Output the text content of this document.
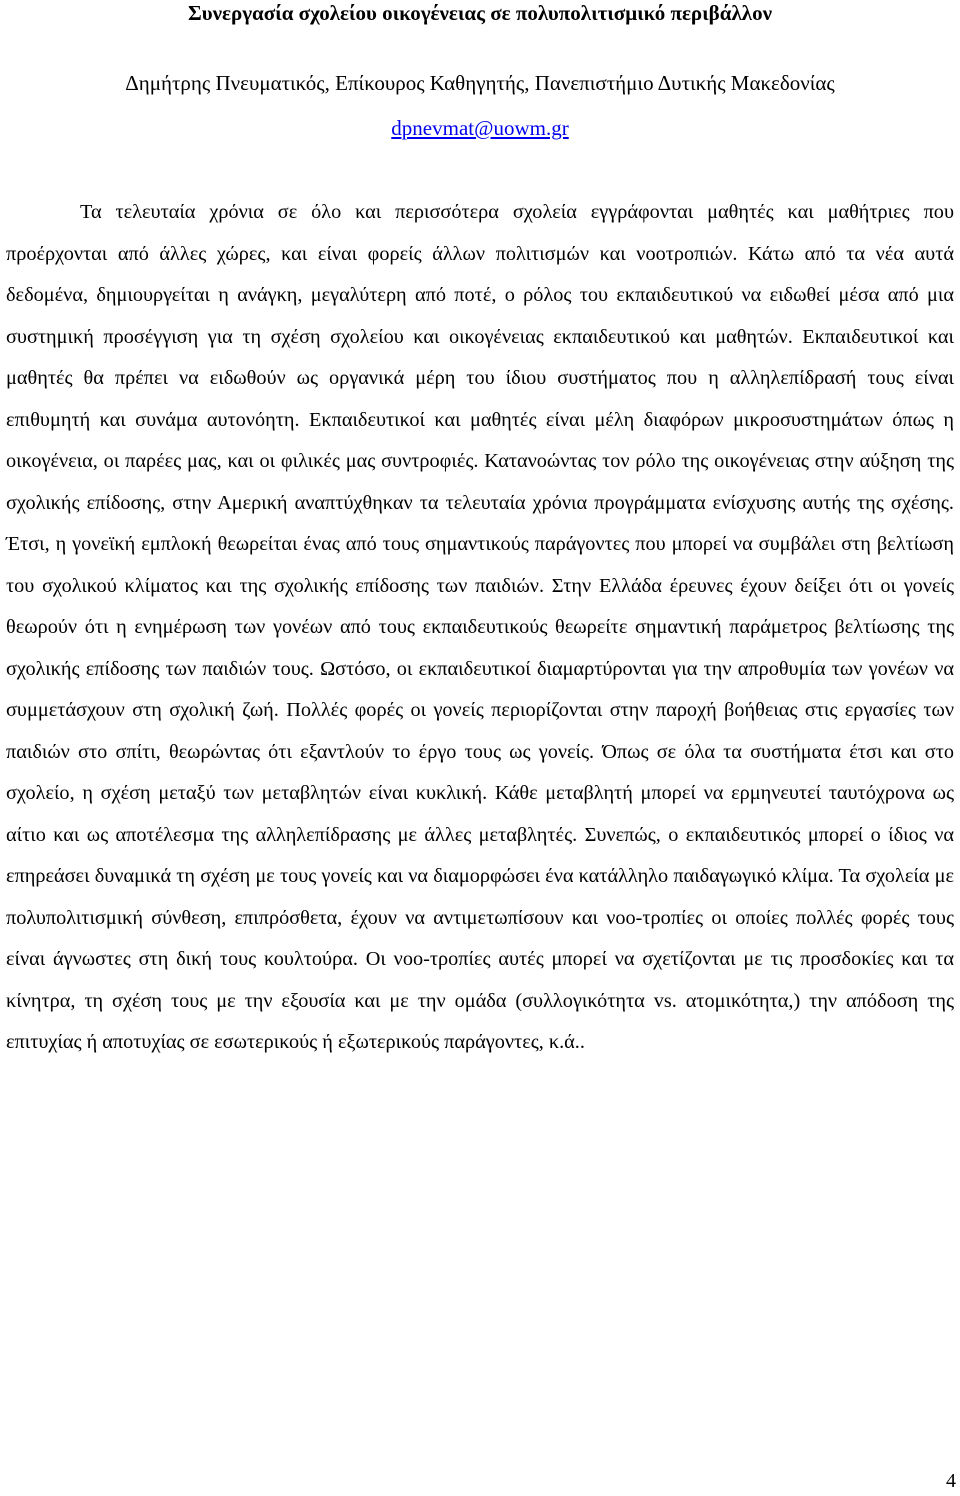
Συνεργασία σχολείου οικογένειας σε πολυπολιτισμικό περιβάλλον
Δημήτρης Πνευματικός, Επίκουρος Καθηγητής, Πανεπιστήμιο Δυτικής Μακεδονίας
dpnevmat@uowm.gr

Τα τελευταία χρόνια σε όλο και περισσότερα σχολεία εγγράφονται μαθητές και μαθήτριες που προέρχονται από άλλες χώρες, και είναι φορείς άλλων πολιτισμών και νοοτροπιών. Κάτω από τα νέα αυτά δεδομένα, δημιουργείται η ανάγκη, μεγαλύτερη από ποτέ, ο ρόλος του εκπαιδευτικού να ειδωθεί μέσα από μια συστημική προσέγγιση για τη σχέση σχολείου και οικογένειας εκπαιδευτικού και μαθητών. Εκπαιδευτικοί και μαθητές θα πρέπει να ειδωθούν ως οργανικά μέρη του ίδιου συστήματος που η αλληλεπίδρασή τους είναι επιθυμητή και συνάμα αυτονόητη. Εκπαιδευτικοί και μαθητές είναι μέλη διαφόρων μικροσυστημάτων όπως η οικογένεια, οι παρέες μας, και οι φιλικές μας συντροφιές. Κατανοώντας τον ρόλο της οικογένειας στην αύξηση της σχολικής επίδοσης, στην Αμερική αναπτύχθηκαν τα τελευταία χρόνια προγράμματα ενίσχυσης αυτής της σχέσης. Έτσι, η γονεϊκή εμπλοκή θεωρείται ένας από τους σημαντικούς παράγοντες που μπορεί να συμβάλει στη βελτίωση του σχολικού κλίματος και της σχολικής επίδοσης των παιδιών. Στην Ελλάδα έρευνες έχουν δείξει ότι οι γονείς θεωρούν ότι η ενημέρωση των γονέων από τους εκπαιδευτικούς θεωρείτε σημαντική παράμετρος βελτίωσης της σχολικής επίδοσης των παιδιών τους. Ωστόσο, οι εκπαιδευτικοί διαμαρτύρονται για την απροθυμία των γονέων να συμμετάσχουν στη σχολική ζωή. Πολλές φορές οι γονείς περιορίζονται στην παροχή βοήθειας στις εργασίες των παιδιών στο σπίτι, θεωρώντας ότι εξαντλούν το έργο τους ως γονείς. Όπως σε όλα τα συστήματα έτσι και στο σχολείο, η σχέση μεταξύ των μεταβλητών είναι κυκλική. Κάθε μεταβλητή μπορεί να ερμηνευτεί ταυτόχρονα ως αίτιο και ως αποτέλεσμα της αλληλεπίδρασης με άλλες μεταβλητές. Συνεπώς, ο εκπαιδευτικός μπορεί ο ίδιος να επηρεάσει δυναμικά τη σχέση με τους γονείς και να διαμορφώσει ένα κατάλληλο παιδαγωγικό κλίμα. Τα σχολεία με πολυπολιτισμική σύνθεση, επιπρόσθετα, έχουν να αντιμετωπίσουν και νοο-τροπίες οι οποίες πολλές φορές τους είναι άγνωστες στη δική τους κουλτούρα. Οι νοο-τροπίες αυτές μπορεί να σχετίζονται με τις προσδοκίες και τα κίνητρα, τη σχέση τους με την εξουσία και με την ομάδα (συλλογικότητα vs. ατομικότητα,) την απόδοση της επιτυχίας ή αποτυχίας σε εσωτερικούς ή εξωτερικούς παράγοντες, κ.ά..

4
